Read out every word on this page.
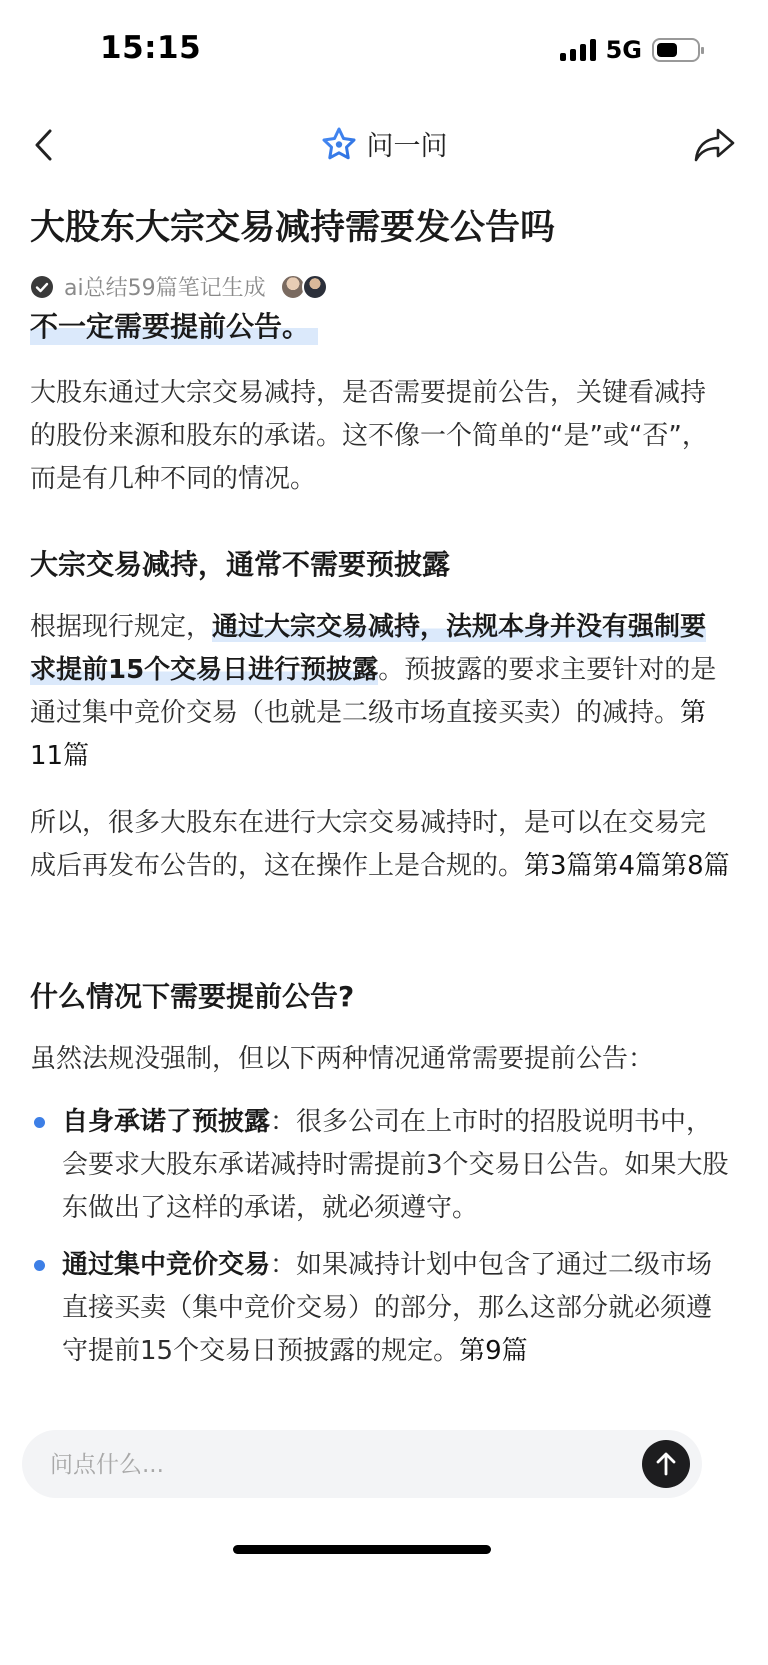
15:15	5G
问一问
大股东大宗交易减持需要发公告吗
ai总结59篇笔记生成
不一定需要提前公告。

大股东通过大宗交易减持，是否需要提前公告，关键看减持的股份来源和股东的承诺。这不像一个简单的“是”或“否”，而是有几种不同的情况。

大宗交易减持，通常不需要预披露

根据现行规定，通过大宗交易减持，法规本身并没有强制要求提前15个交易日进行预披露。预披露的要求主要针对的是通过集中竞价交易（也就是二级市场直接买卖）的减持。第11篇

所以，很多大股东在进行大宗交易减持时，是可以在交易完成后再发布公告的，这在操作上是合规的。第3篇第4篇第8篇

什么情况下需要提前公告?

虽然法规没强制，但以下两种情况通常需要提前公告：

自身承诺了预披露：很多公司在上市时的招股说明书中，会要求大股东承诺减持时需提前3个交易日公告。如果大股东做出了这样的承诺，就必须遵守。
通过集中竞价交易：如果减持计划中包含了通过二级市场直接买卖（集中竞价交易）的部分，那么这部分就必须遵守提前15个交易日预披露的规定。第9篇
问点什么...
